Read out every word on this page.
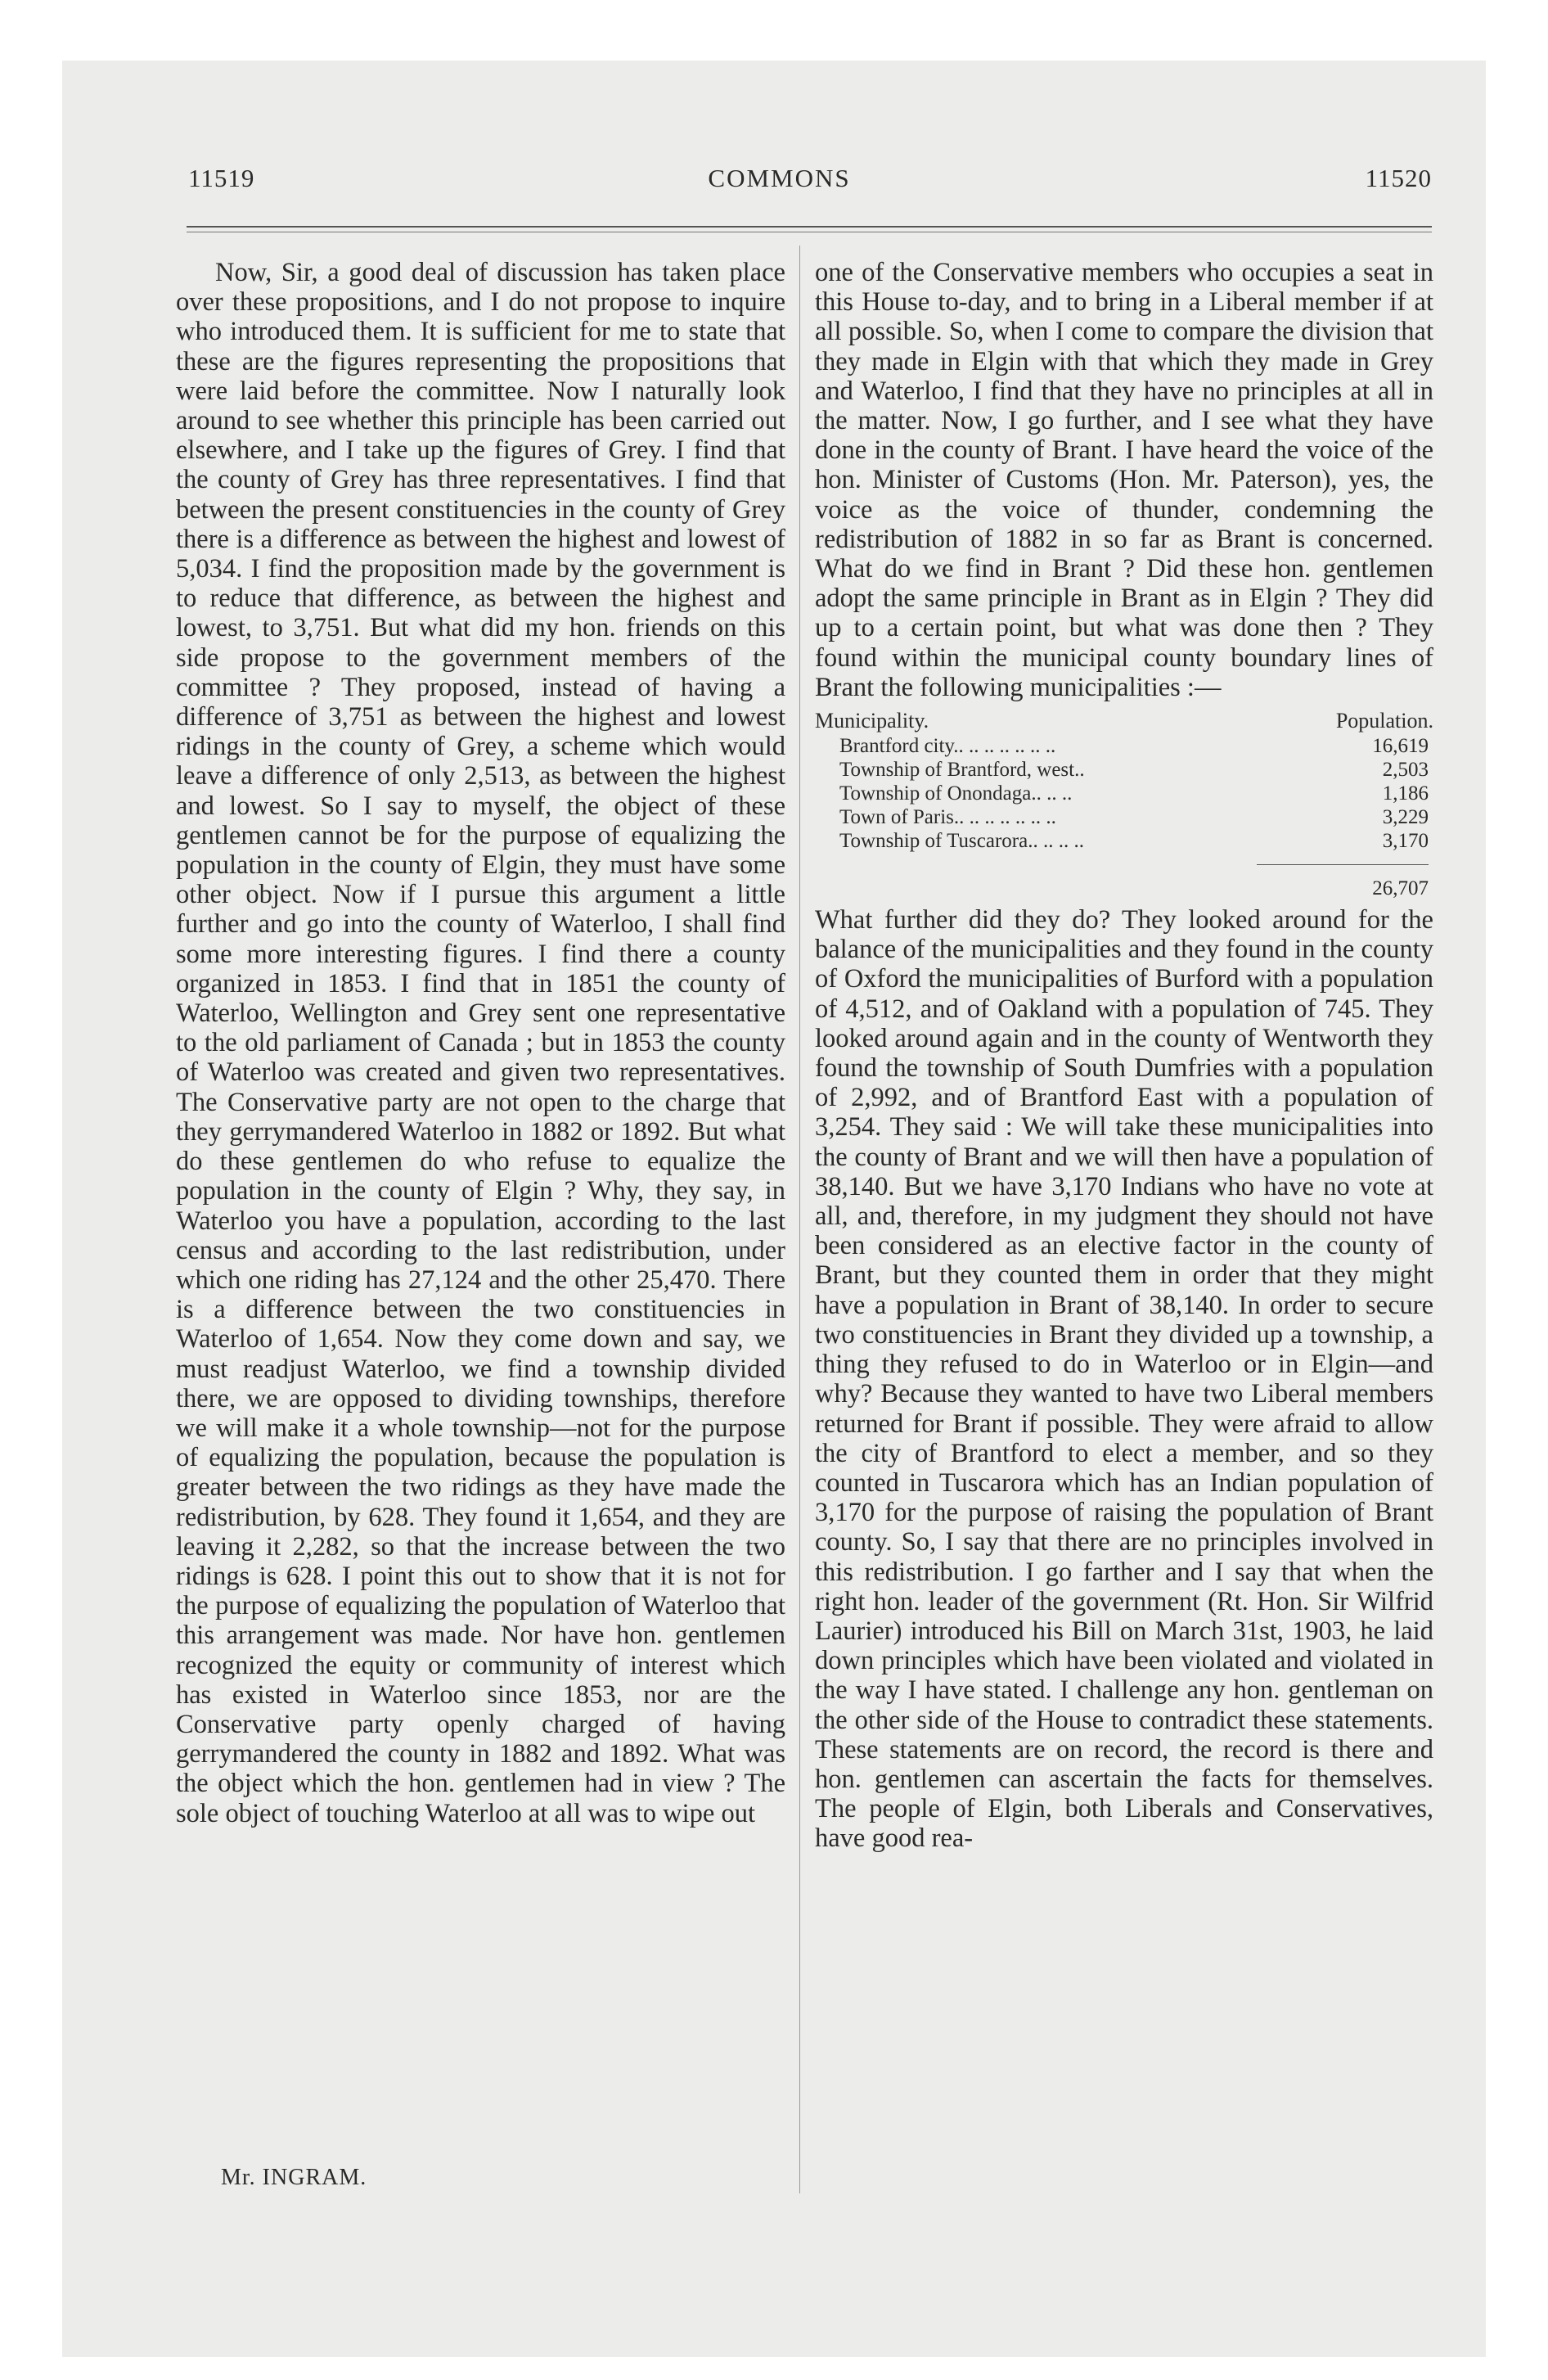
11519	COMMONS	11520

Now, Sir, a good deal of discussion has taken place over these propositions, and I do not propose to inquire who introduced them. It is sufficient for me to state that these are the figures representing the propositions that were laid before the committee. Now I naturally look around to see whether this principle has been carried out elsewhere, and I take up the figures of Grey. I find that the county of Grey has three representatives. I find that between the present constituencies in the county of Grey there is a difference as between the highest and lowest of 5,034. I find the proposition made by the government is to reduce that difference, as between the highest and lowest, to 3,751. But what did my hon. friends on this side propose to the government members of the committee ? They proposed, instead of having a difference of 3,751 as between the highest and lowest ridings in the county of Grey, a scheme which would leave a difference of only 2,513, as between the highest and lowest. So I say to myself, the object of these gentlemen cannot be for the purpose of equalizing the population in the county of Elgin, they must have some other object. Now if I pursue this argument a little further and go into the county of Waterloo, I shall find some more interesting figures. I find there a county organized in 1853. I find that in 1851 the county of Waterloo, Wellington and Grey sent one representative to the old parliament of Canada ; but in 1853 the county of Waterloo was created and given two representatives. The Conservative party are not open to the charge that they gerrymandered Waterloo in 1882 or 1892. But what do these gentlemen do who refuse to equalize the population in the county of Elgin ? Why, they say, in Waterloo you have a population, according to the last census and according to the last redistribution, under which one riding has 27,124 and the other 25,470. There is a difference between the two constituencies in Waterloo of 1,654. Now they come down and say, we must readjust Waterloo, we find a township divided there, we are opposed to dividing townships, therefore we will make it a whole township—not for the purpose of equalizing the population, because the population is greater between the two ridings as they have made the redistribution, by 628. They found it 1,654, and they are leaving it 2,282, so that the increase between the two ridings is 628. I point this out to show that it is not for the purpose of equalizing the population of Waterloo that this arrangement was made. Nor have hon. gentlemen recognized the equity or community of interest which has existed in Waterloo since 1853, nor are the Conservative party openly charged of having gerrymandered the county in 1882 and 1892. What was the object which the hon. gentlemen had in view ? The sole object of touching Waterloo at all was to wipe out

one of the Conservative members who occupies a seat in this House to-day, and to bring in a Liberal member if at all possible. So, when I come to compare the division that they made in Elgin with that which they made in Grey and Waterloo, I find that they have no principles at all in the matter. Now, I go further, and I see what they have done in the county of Brant. I have heard the voice of the hon. Minister of Customs (Hon. Mr. Paterson), yes, the voice as the voice of thunder, condemning the redistribution of 1882 in so far as Brant is concerned. What do we find in Brant ? Did these hon. gentlemen adopt the same principle in Brant as in Elgin ? They did up to a certain point, but what was done then ? They found within the municipal county boundary lines of Brant the following municipalities :—

Municipality.	Population.
Brantford city.. .. .. .. .. .. ..	16,619
Township of Brantford, west..	2,503
Township of Onondaga.. .. ..	1,186
Town of Paris.. .. .. .. .. .. ..	3,229
Township of Tuscarora.. .. .. ..	3,170
26,707

What further did they do? They looked around for the balance of the municipalities and they found in the county of Oxford the municipalities of Burford with a population of 4,512, and of Oakland with a population of 745. They looked around again and in the county of Wentworth they found the township of South Dumfries with a population of 2,992, and of Brantford East with a population of 3,254. They said : We will take these municipalities into the county of Brant and we will then have a population of 38,140. But we have 3,170 Indians who have no vote at all, and, therefore, in my judgment they should not have been considered as an elective factor in the county of Brant, but they counted them in order that they might have a population in Brant of 38,140. In order to secure two constituencies in Brant they divided up a township, a thing they refused to do in Waterloo or in Elgin—and why? Because they wanted to have two Liberal members returned for Brant if possible. They were afraid to allow the city of Brantford to elect a member, and so they counted in Tuscarora which has an Indian population of 3,170 for the purpose of raising the population of Brant county. So, I say that there are no principles involved in this redistribution. I go farther and I say that when the right hon. leader of the government (Rt. Hon. Sir Wilfrid Laurier) introduced his Bill on March 31st, 1903, he laid down principles which have been violated and violated in the way I have stated. I challenge any hon. gentleman on the other side of the House to contradict these statements. These statements are on record, the record is there and hon. gentlemen can ascertain the facts for themselves. The people of Elgin, both Liberals and Conservatives, have good rea-

Mr. INGRAM.
